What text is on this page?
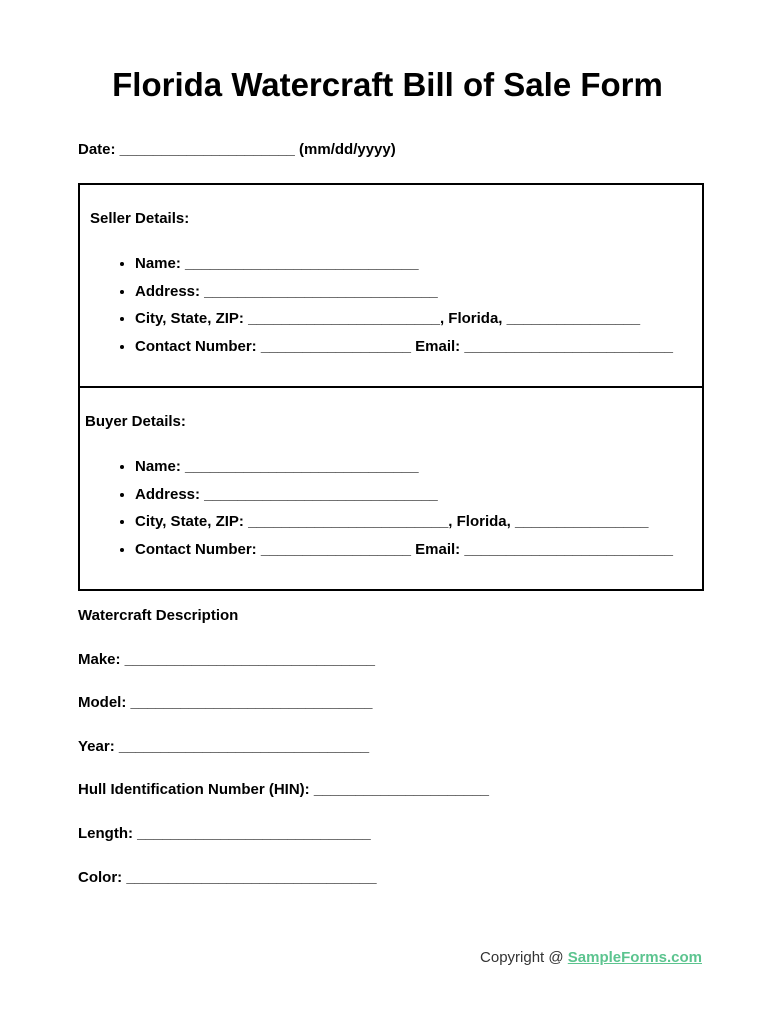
Florida Watercraft Bill of Sale Form
Date: _____________________ (mm/dd/yyyy)
Seller Details:
• Name: ____________________________
• Address: ____________________________
• City, State, ZIP: _______________________, Florida, ________________
• Contact Number: __________________ Email: _________________________
Buyer Details:
• Name: ____________________________
• Address: ____________________________
• City, State, ZIP: ________________________, Florida, ________________
• Contact Number: __________________ Email: _________________________
Watercraft Description
Make: ______________________________
Model: _____________________________
Year: ______________________________
Hull Identification Number (HIN): _____________________
Length: ____________________________
Color: ______________________________
Copyright @ SampleForms.com
